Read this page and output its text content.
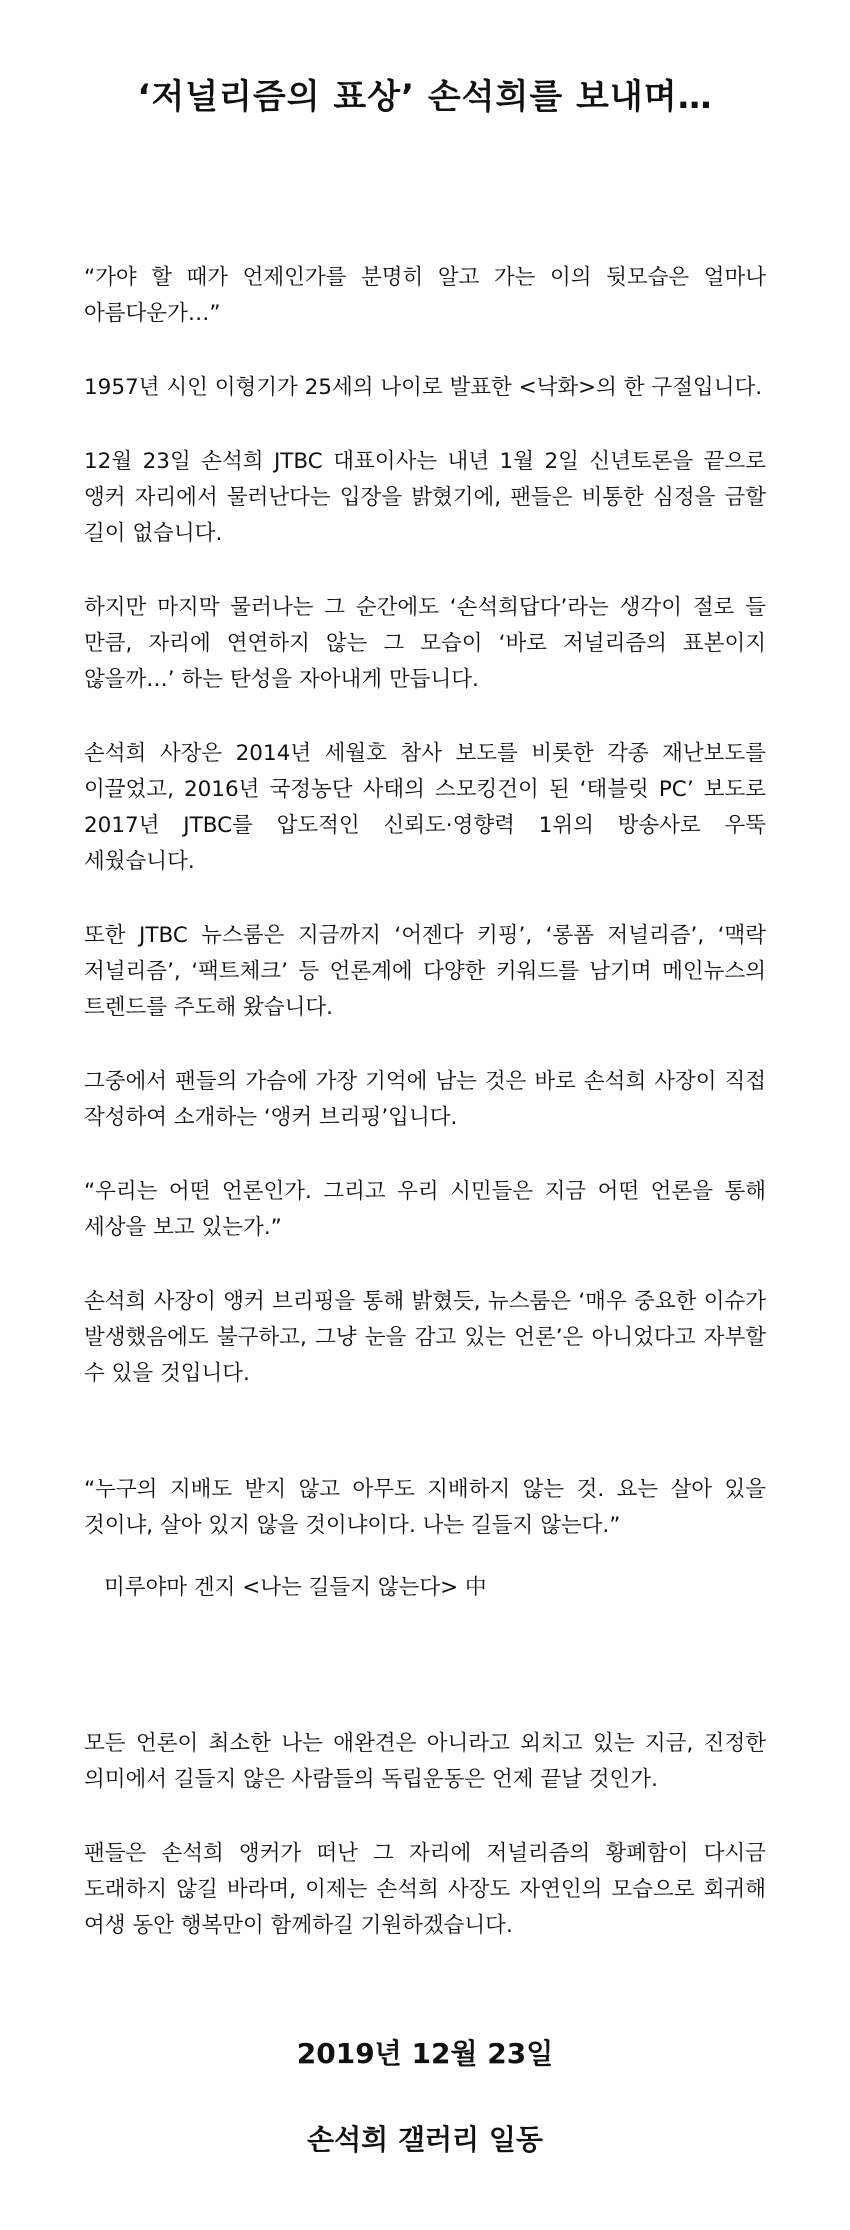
‘저널리즘의 표상’ 손석희를 보내며…

“가야 할 때가 언제인가를 분명히 알고 가는 이의 뒷모습은 얼마나 아름다운가…”

1957년 시인 이형기가 25세의 나이로 발표한 <낙화>의 한 구절입니다.

12월 23일 손석희 JTBC 대표이사는 내년 1월 2일 신년토론을 끝으로 앵커 자리에서 물러난다는 입장을 밝혔기에, 팬들은 비통한 심정을 금할 길이 없습니다.

하지만 마지막 물러나는 그 순간에도 ‘손석희답다’라는 생각이 절로 들 만큼, 자리에 연연하지 않는 그 모습이 ‘바로 저널리즘의 표본이지 않을까…’ 하는 탄성을 자아내게 만듭니다.

손석희 사장은 2014년 세월호 참사 보도를 비롯한 각종 재난보도를 이끌었고, 2016년 국정농단 사태의 스모킹건이 된 ‘태블릿 PC’ 보도로 2017년 JTBC를 압도적인 신뢰도·영향력 1위의 방송사로 우뚝 세웠습니다.

또한 JTBC 뉴스룸은 지금까지 ‘어젠다 키핑’, ‘롱폼 저널리즘’, ‘맥락 저널리즘’, ‘팩트체크’ 등 언론계에 다양한 키워드를 남기며 메인뉴스의 트렌드를 주도해 왔습니다.

그중에서 팬들의 가슴에 가장 기억에 남는 것은 바로 손석희 사장이 직접 작성하여 소개하는 ‘앵커 브리핑’입니다.

“우리는 어떤 언론인가. 그리고 우리 시민들은 지금 어떤 언론을 통해 세상을 보고 있는가.”

손석희 사장이 앵커 브리핑을 통해 밝혔듯, 뉴스룸은 ‘매우 중요한 이슈가 발생했음에도 불구하고, 그냥 눈을 감고 있는 언론’은 아니었다고 자부할 수 있을 것입니다.

“누구의 지배도 받지 않고 아무도 지배하지 않는 것. 요는 살아 있을 것이냐, 살아 있지 않을 것이냐이다. 나는 길들지 않는다.”

미루야마 겐지 <나는 길들지 않는다> 中

모든 언론이 최소한 나는 애완견은 아니라고 외치고 있는 지금, 진정한 의미에서 길들지 않은 사람들의 독립운동은 언제 끝날 것인가.

팬들은 손석희 앵커가 떠난 그 자리에 저널리즘의 황폐함이 다시금 도래하지 않길 바라며, 이제는 손석희 사장도 자연인의 모습으로 회귀해 여생 동안 행복만이 함께하길 기원하겠습니다.

2019년 12월 23일
손석희 갤러리 일동
